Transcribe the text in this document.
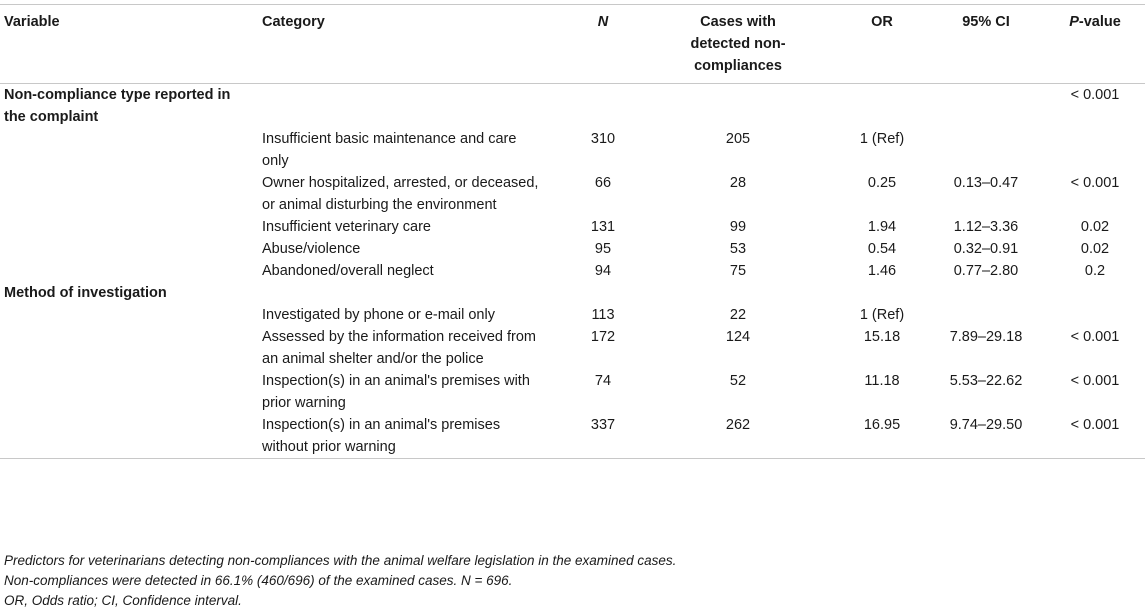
Variable	Category	N	Cases with detected non-compliances	OR	95% CI	P-value

Non-compliance type reported in the complaint						< 0.001

	Insufficient basic maintenance and care only	310	205	1 (Ref)		

	Owner hospitalized, arrested, or deceased, or animal disturbing the environment	66	28	0.25	0.13–0.47	< 0.001

	Insufficient veterinary care	131	99	1.94	1.12–3.36	0.02

	Abuse/violence	95	53	0.54	0.32–0.91	0.02

	Abandoned/overall neglect	94	75	1.46	0.77–2.80	0.2

Method of investigation						

	Investigated by phone or e-mail only	113	22	1 (Ref)		

	Assessed by the information received from an animal shelter and/or the police	172	124	15.18	7.89–29.18	< 0.001

	Inspection(s) in an animal's premises with prior warning	74	52	11.18	5.53–22.62	< 0.001

	Inspection(s) in an animal's premises without prior warning	337	262	16.95	9.74–29.50	< 0.001
Predictors for veterinarians detecting non-compliances with the animal welfare legislation in the examined cases.
Non-compliances were detected in 66.1% (460/696) of the examined cases. N = 696.
OR, Odds ratio; CI, Confidence interval.
